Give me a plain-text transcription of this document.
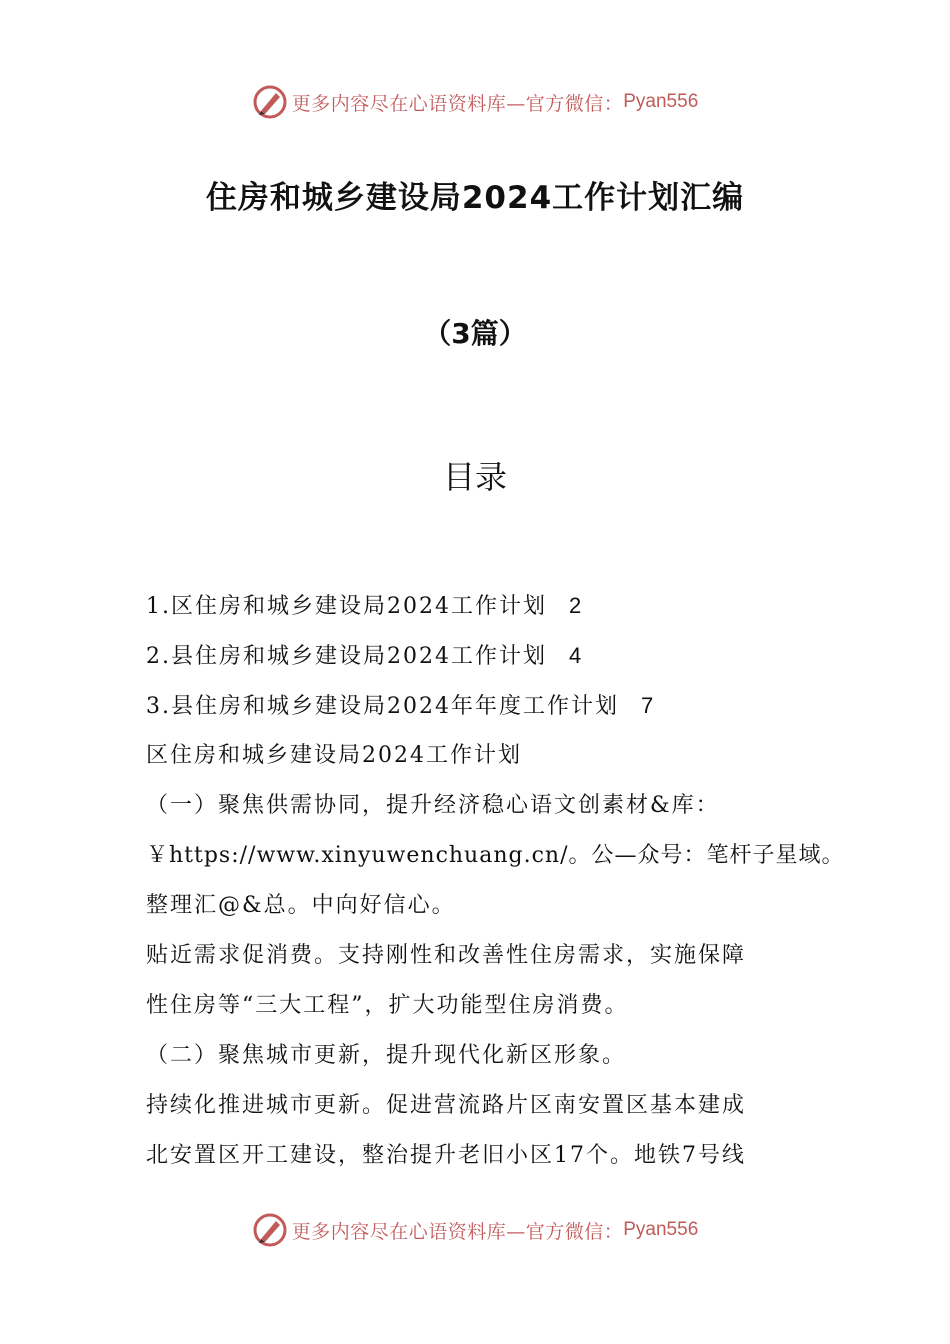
更多内容尽在心语资料库—官方微信： Pyan556
住房和城乡建设局2024工作计划汇编
（3篇）
目录
1.区住房和城乡建设局2024工作计划 2
2.县住房和城乡建设局2024工作计划 4
3.县住房和城乡建设局2024年年度工作计划 7
区住房和城乡建设局2024工作计划
（一）聚焦供需协同，提升经济稳心语文创素材&库：
￥https://www.xinyuwenchuang.cn/。公—众号：笔杆子星域。
整理汇@&总。中向好信心。
贴近需求促消费。支持刚性和改善性住房需求，实施保障
性住房等“三大工程”，扩大功能型住房消费。
（二）聚焦城市更新，提升现代化新区形象。
持续化推进城市更新。促进营流路片区南安置区基本建成
北安置区开工建设，整治提升老旧小区17个。地铁7号线
更多内容尽在心语资料库—官方微信： Pyan556
